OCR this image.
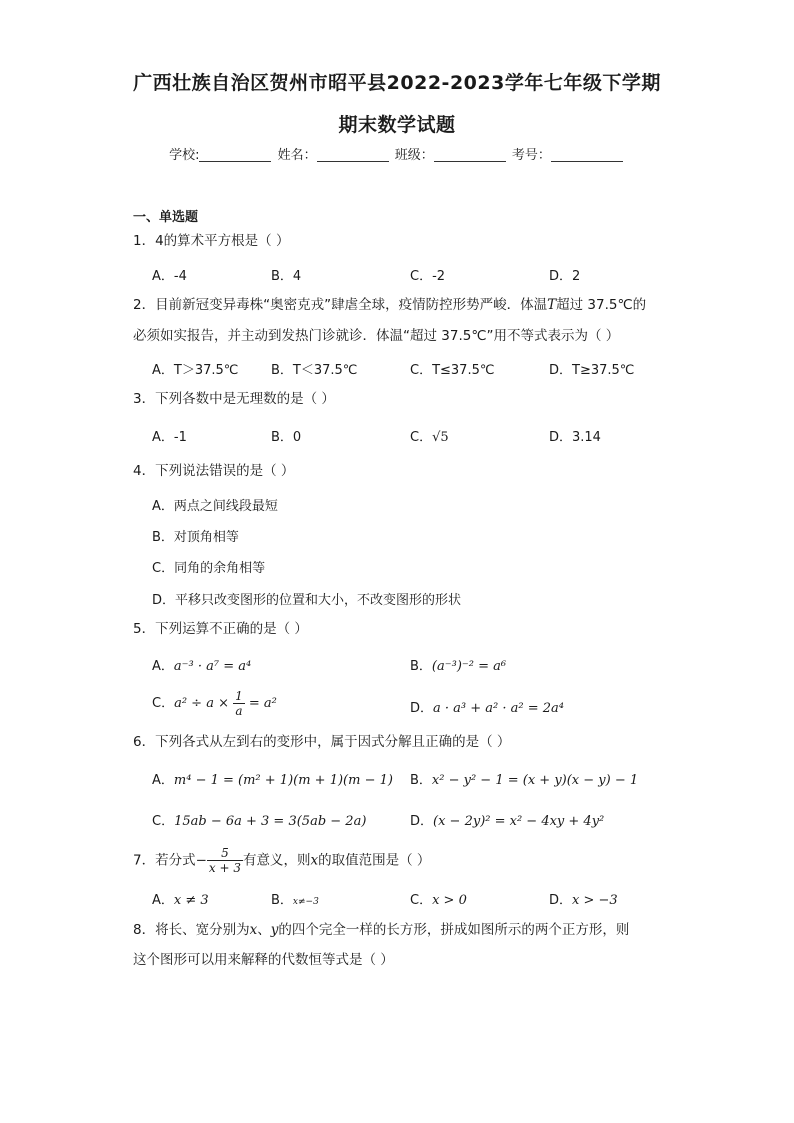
广西壮族自治区贺州市昭平县2022-2023学年七年级下学期
期末数学试题
学校:	姓名：	班级：	考号：
一、单选题
1．4的算术平方根是（ ）
A．-4	B．4	C．-2	D．2
2．目前新冠变异毒株“奥密克戎”肆虐全球，疫情防控形势严峻．体温T超过 37.5℃的
必须如实报告，并主动到发热门诊就诊．体温“超过 37.5℃”用不等式表示为（ ）
A．T＞37.5℃	B．T＜37.5℃	C．T≤37.5℃	D．T≥37.5℃
3．下列各数中是无理数的是（ ）
A．-1	B．0	C．√5	D．3.14
4．下列说法错误的是（ ）
A．两点之间线段最短
B．对顶角相等
C．同角的余角相等
D．平移只改变图形的位置和大小，不改变图形的形状
5．下列运算不正确的是（ ）
A．a⁻³ · a⁷ = a⁴	B．(a⁻³)⁻² = a⁶
C．$a^2 \div a \times \frac{1}{a} = a^2$	D．a · a³ + a² · a² = 2a⁴
6．下列各式从左到右的变形中，属于因式分解且正确的是（ ）
A．m⁴ − 1 = (m² + 1)(m + 1)(m − 1) B．x² − y² − 1 = (x + y)(x − y) − 1
C．15ab − 6a + 3 = 3(5ab − 2a)	D．(x − 2y)² = x² − 4xy + 4y²
7．若分式− $\frac{5}{x + 3}$ 有意义，则x的取值范围是（ ）
A．x ≠ 3	B．x≠−3	C．x > 0	D．x > −3
8．将长、宽分别为x、y的四个完全一样的长方形，拼成如图所示的两个正方形，则
这个图形可以用来解释的代数恒等式是（ ）
